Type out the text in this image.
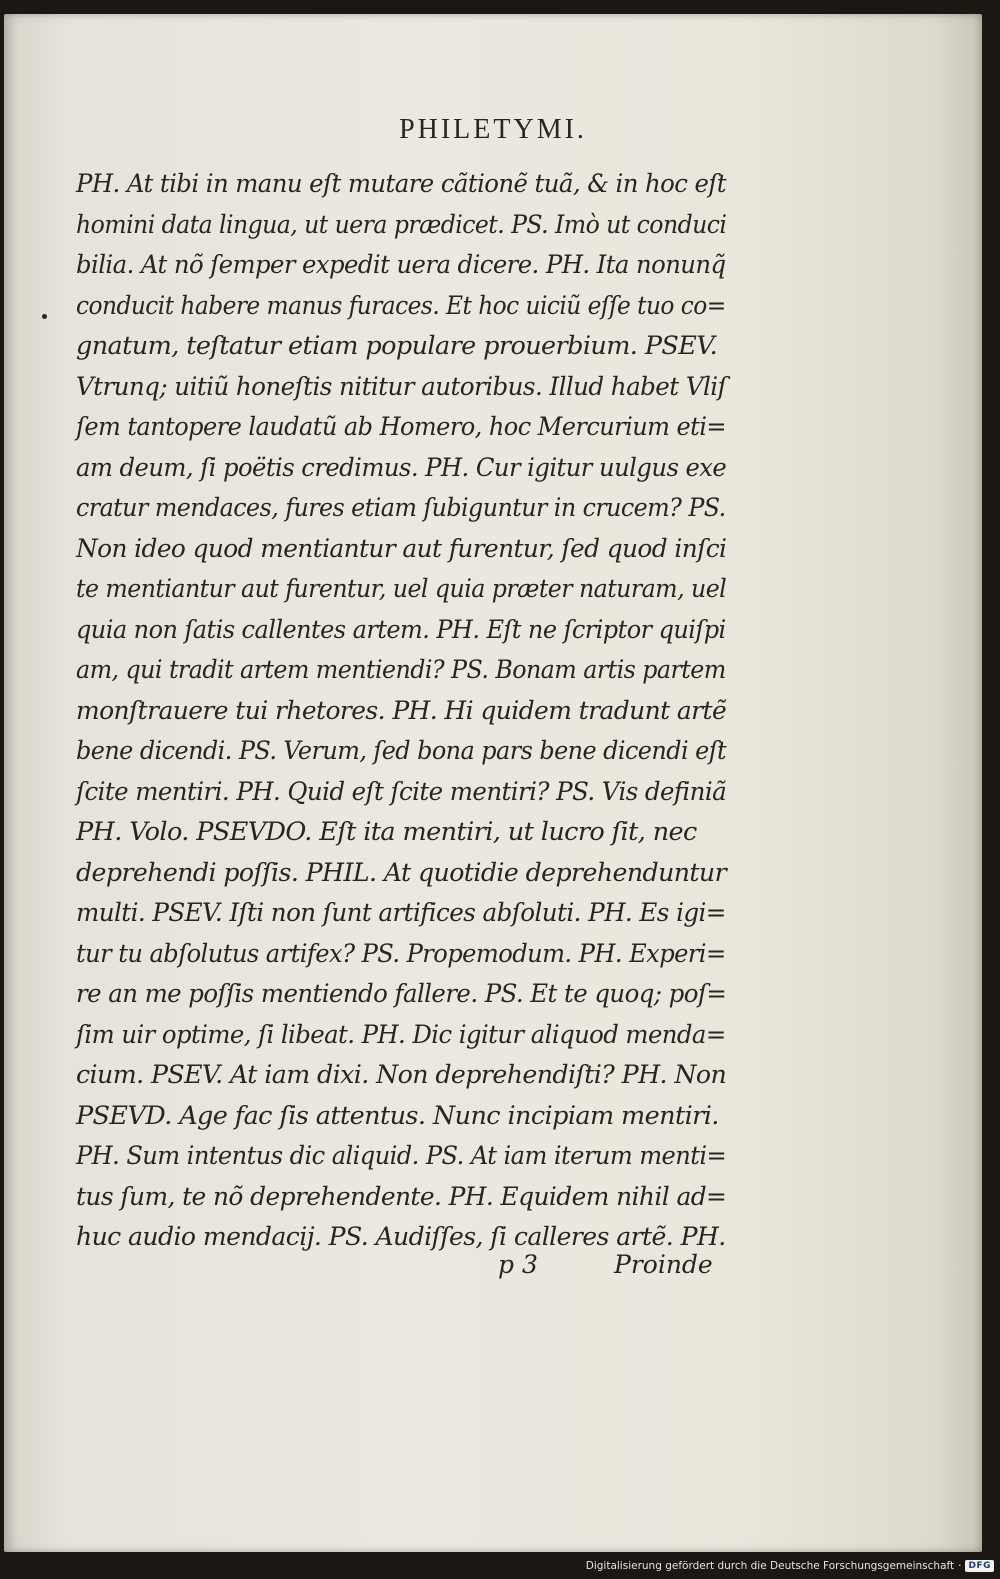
PHILETYMI.
PH. At tibi in manu eſt mutare cãtionẽ tuã, & in hoc eſt
homini data lingua, ut uera prædicet. PS. Imò ut conduci
bilia. At nõ ſemper expedit uera dicere. PH. Ita nonunq̃
conducit habere manus furaces. Et hoc uiciũ eſſe tuo co=
gnatum, teſtatur etiam populare prouerbium. PSEV.
Vtrunq; uitiũ honeſtis nititur autoribus. Illud habet Vliſ
ſem tantopere laudatũ ab Homero, hoc Mercurium eti=
am deum, ſi poëtis credimus. PH. Cur igitur uulgus exe
cratur mendaces, fures etiam ſubiguntur in crucem? PS.
Non ideo quod mentiantur aut furentur, ſed quod inſci
te mentiantur aut furentur, uel quia præter naturam, uel
quia non ſatis callentes artem. PH. Eſt ne ſcriptor quiſpi
am, qui tradit artem mentiendi? PS. Bonam artis partem
monſtrauere tui rhetores. PH. Hi quidem tradunt artẽ
bene dicendi. PS. Verum, ſed bona pars bene dicendi eſt
ſcite mentiri. PH. Quid eſt ſcite mentiri? PS. Vis definiã
PH. Volo. PSEVDO. Eſt ita mentiri, ut lucro ſit, nec
deprehendi poſſis. PHIL. At quotidie deprehenduntur
multi. PSEV. Iſti non ſunt artifices abſoluti. PH. Es igi=
tur tu abſolutus artifex? PS. Propemodum. PH. Experi=
re an me poſſis mentiendo fallere. PS. Et te quoq; poſ=
ſim uir optime, ſi libeat. PH. Dic igitur aliquod menda=
cium. PSEV. At iam dixi. Non deprehendiſti? PH. Non
PSEVD. Age fac ſis attentus. Nunc incipiam mentiri.
PH. Sum intentus dic aliquid. PS. At iam iterum menti=
tus ſum, te nõ deprehendente. PH. Equidem nihil ad=
huc audio mendacij. PS. Audiſſes, ſi calleres artẽ. PH.
p 3	Proinde
Digitalisierung gefördert durch die Deutsche Forschungsgemeinschaft · DFG
